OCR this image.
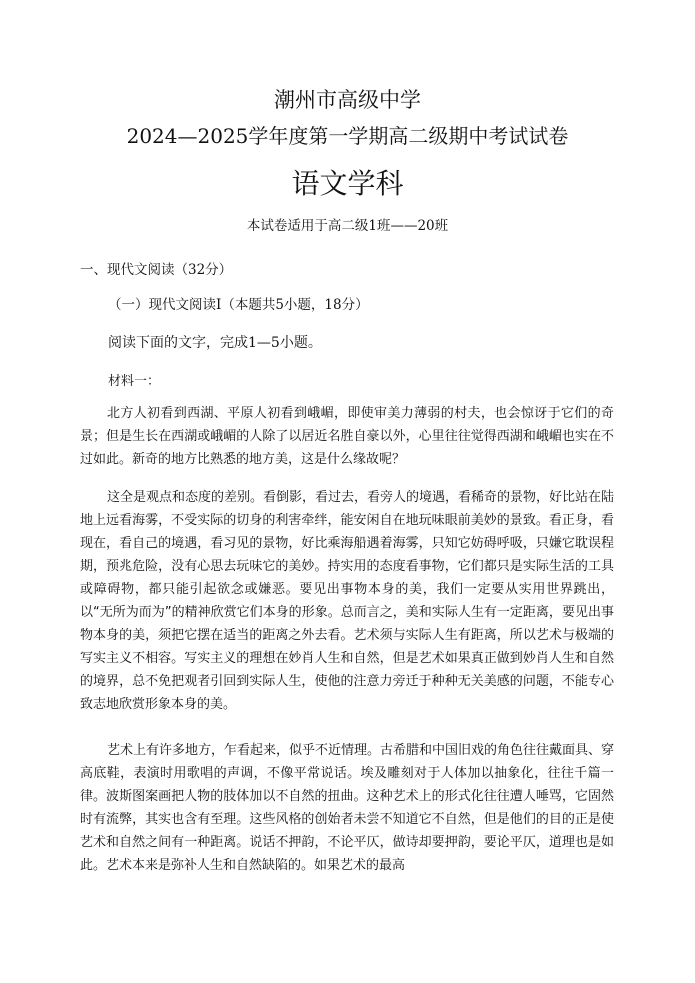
潮州市高级中学
2024—2025学年度第一学期高二级期中考试试卷
语文学科
本试卷适用于高二级1班——20班
一、现代文阅读（32分）
（一）现代文阅读Ⅰ（本题共5小题，18分）
阅读下面的文字，完成1—5小题。
材料一：

北方人初看到西湖、平原人初看到峨嵋，即使审美力薄弱的村夫，也会惊讶于它们的奇景；但是生长在西湖或峨嵋的人除了以居近名胜自豪以外，心里往往觉得西湖和峨嵋也实在不过如此。新奇的地方比熟悉的地方美，这是什么缘故呢？

这全是观点和态度的差别。看倒影，看过去，看旁人的境遇，看稀奇的景物，好比站在陆地上远看海雾，不受实际的切身的利害牵绊，能安闲自在地玩味眼前美妙的景致。看正身，看现在，看自己的境遇，看习见的景物，好比乘海船遇着海雾，只知它妨碍呼吸，只嫌它耽误程期，预兆危险，没有心思去玩味它的美妙。持实用的态度看事物，它们都只是实际生活的工具或障碍物，都只能引起欲念或嫌恶。要见出事物本身的美，我们一定要从实用世界跳出，以“无所为而为”的精神欣赏它们本身的形象。总而言之，美和实际人生有一定距离，要见出事物本身的美，须把它摆在适当的距离之外去看。艺术须与实际人生有距离，所以艺术与极端的写实主义不相容。写实主义的理想在妙肖人生和自然，但是艺术如果真正做到妙肖人生和自然的境界，总不免把观者引回到实际人生，使他的注意力旁迁于种种无关美感的问题，不能专心致志地欣赏形象本身的美。

艺术上有许多地方，乍看起来，似乎不近情理。古希腊和中国旧戏的角色往往戴面具、穿高底鞋，表演时用歌唱的声调，不像平常说话。埃及雕刻对于人体加以抽象化，往往千篇一律。波斯图案画把人物的肢体加以不自然的扭曲。这种艺术上的形式化往往遭人唾骂，它固然时有流弊，其实也含有至理。这些风格的创始者未尝不知道它不自然，但是他们的目的正是使艺术和自然之间有一种距离。说话不押韵，不论平仄，做诗却要押韵，要论平仄，道理也是如此。艺术本来是弥补人生和自然缺陷的。如果艺术的最高
